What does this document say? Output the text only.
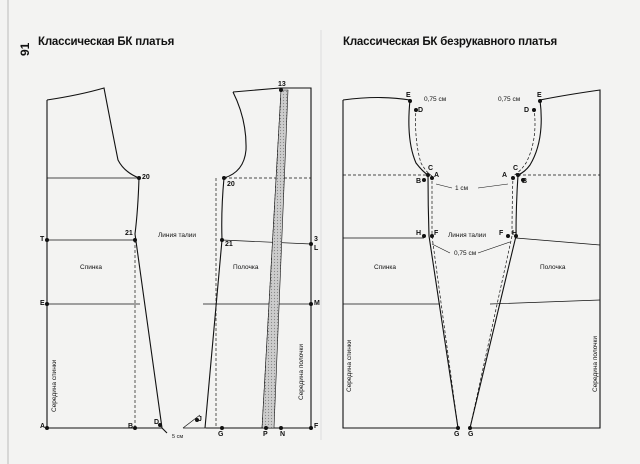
91
Классическая БК платья	Классическая БК безрукавного платья
Спинка	Полочка
Линия талии
Середина спинки	Середина полочки
5 см
20
21
20
21
13
3
L
M
T
E
A	B
D	J
G	P N
F
Спинка	Полочка
Линия талии
Середина спинки	Середина полочки
0,75 см	0,75 см
1 см
0,75 см
E
D
C
B
A
H F
G
E
D
C
B
A
H
F
G
